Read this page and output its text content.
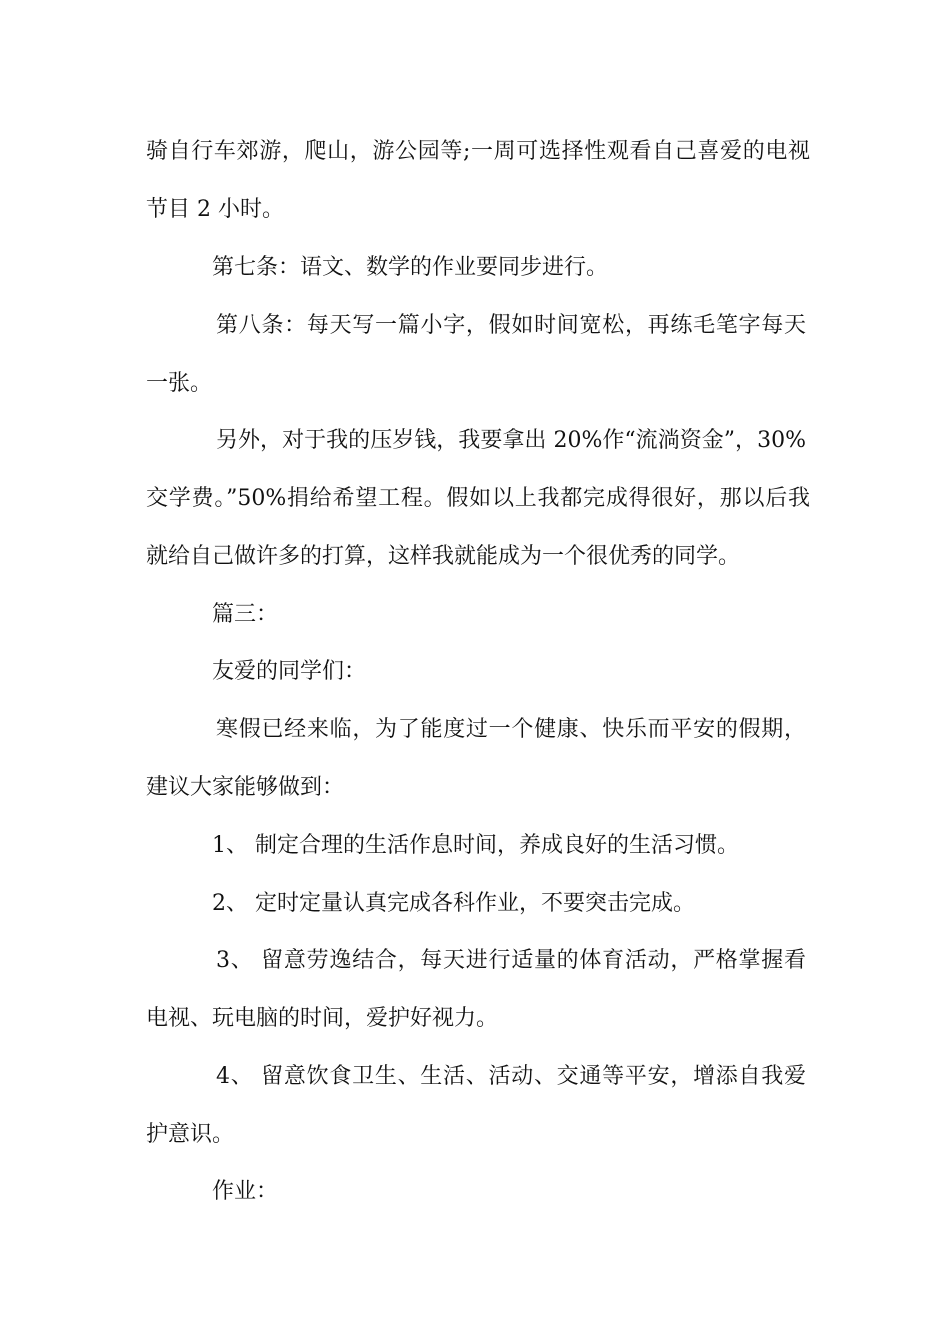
骑自行车郊游，爬山，游公园等;一周可选择性观看自己喜爱的电视
节目 2 小时。
第七条：语文、数学的作业要同步进行。
第八条：每天写一篇小字，假如时间宽松，再练毛笔字每天
一张。
另外，对于我的压岁钱，我要拿出 20%作“流淌资金”，30%
交学费。”50%捐给希望工程。假如以上我都完成得很好，那以后我
就给自己做许多的打算，这样我就能成为一个很优秀的同学。
篇三：
友爱的同学们：
寒假已经来临，为了能度过一个健康、快乐而平安的假期，
建议大家能够做到：
1、 制定合理的生活作息时间，养成良好的生活习惯。
2、 定时定量认真完成各科作业，不要突击完成。
3、 留意劳逸结合，每天进行适量的体育活动，严格掌握看
电视、玩电脑的时间，爱护好视力。
4、 留意饮食卫生、生活、活动、交通等平安，增添自我爱
护意识。
作业：
